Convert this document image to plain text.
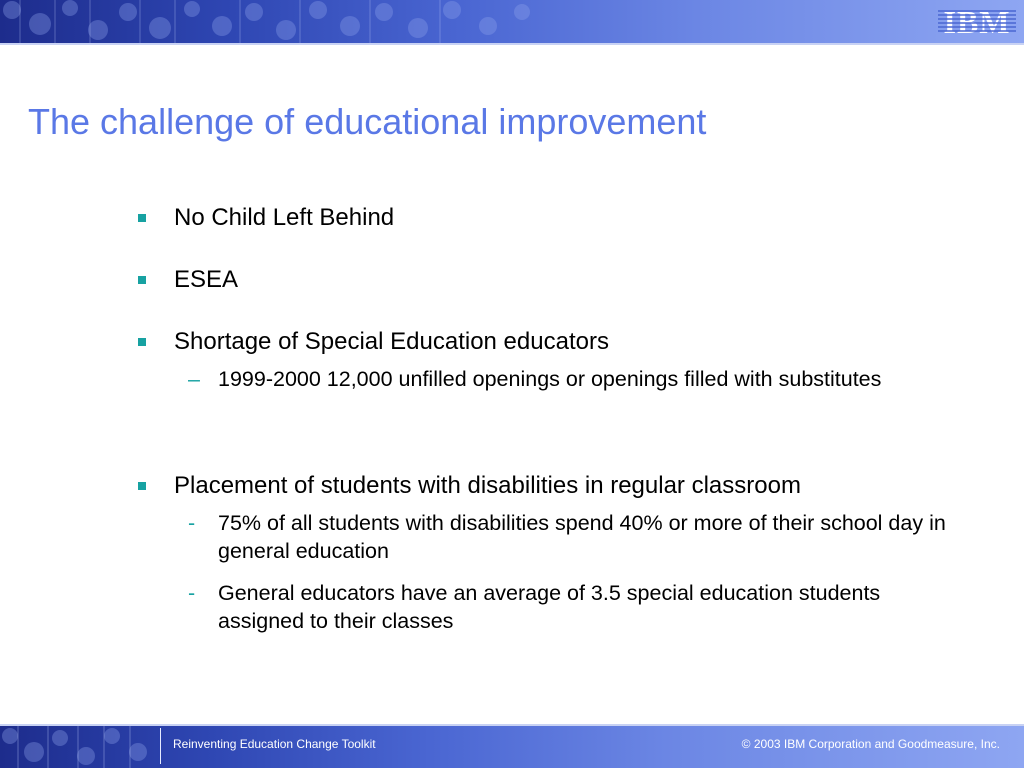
IBM
The challenge of educational improvement
No Child Left Behind
ESEA
Shortage of Special Education educators
– 1999-2000 12,000 unfilled openings or openings filled with substitutes
Placement of students with disabilities in regular classroom
- 75% of all students with disabilities spend 40% or more of their school day in general education
- General educators have an average of 3.5 special education students assigned to their classes
Reinventing Education Change Toolkit	© 2003 IBM Corporation and Goodmeasure, Inc.
